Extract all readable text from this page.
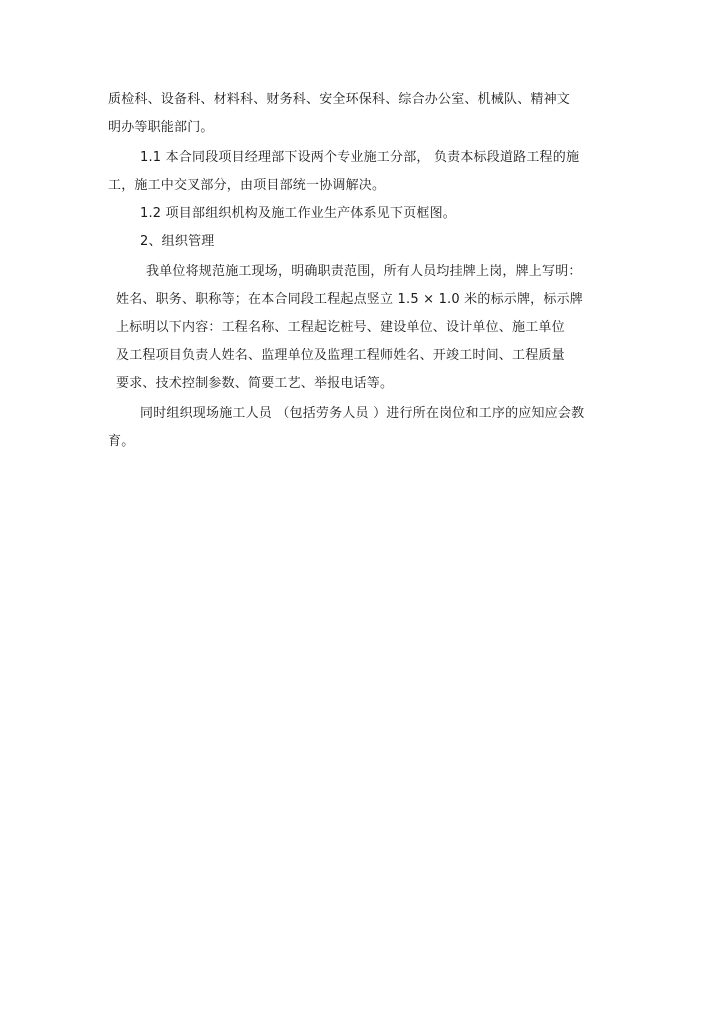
质检科、设备科、材料科、财务科、安全环保科、综合办公室、机械队、精神文
明办等职能部门。
1.1 本合同段项目经理部下设两个专业施工分部， 负责本标段道路工程的施
工，施工中交叉部分，由项目部统一协调解决。
1.2 项目部组织机构及施工作业生产体系见下页框图。
2、组织管理
我单位将规范施工现场，明确职责范围，所有人员均挂牌上岗，牌上写明：
姓名、职务、职称等；在本合同段工程起点竖立 1.5 × 1.0 米的标示牌，标示牌
上标明以下内容：工程名称、工程起讫桩号、建设单位、设计单位、施工单位
及工程项目负责人姓名、监理单位及监理工程师姓名、开竣工时间、工程质量
要求、技术控制参数、简要工艺、举报电话等。
同时组织现场施工人员 （包括劳务人员 ）进行所在岗位和工序的应知应会教
育。
